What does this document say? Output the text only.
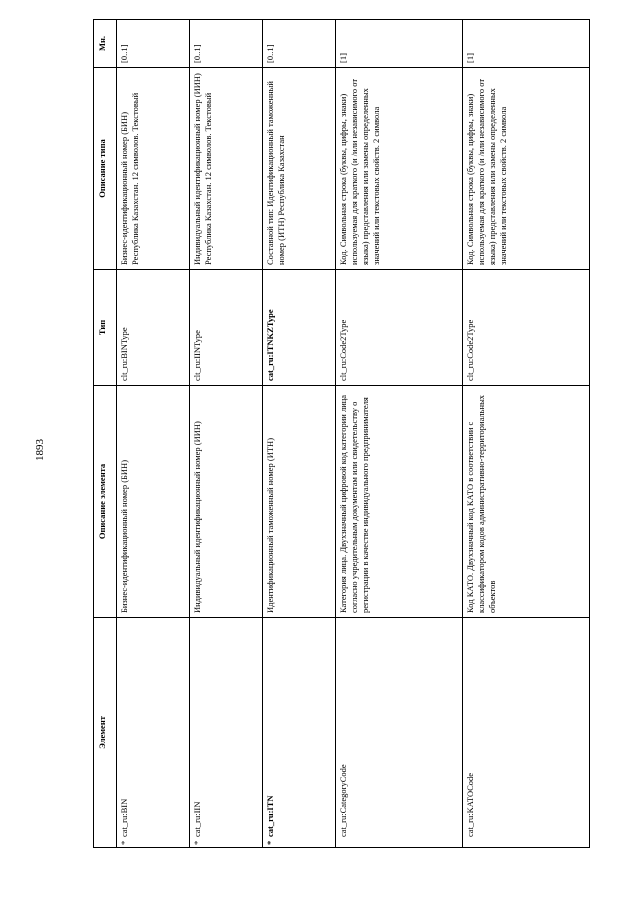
1893
Элемент	Описание элемента	Тип	Описание типа	Мн.

*
cat_ru:BIN	Бизнес-идентификационный номер (БИН)	clt_ru:BINType	Бизнес-идентификационный номер (БИН) Республика Казахстан. 12 символов. Текстовый	[0..1]

*
cat_ru:IIN	Индивидуальный идентификационный номер (ИИН)	clt_ru:IINType	Индивидуальный идентификационный номер (ИИН) Республика Казахстан. 12 символов. Текстовый	[0..1]

*
cat_ru:ITN	Идентификационный таможенный номер (ИТН)	cat_ru:ITNKZType	Составной тип: Идентификационный таможенный номер (ИТН) Республика Казахстан	[0..1]

cat_ru:CategoryCode	Категория лица. Двухзначный цифровой код категории лица согласно учредительным документам или свидетельству о регистрации в качестве индивидуального предпринимателя	clt_ru:Code2Type	Код. Символьная строка (буквы, цифры, знаки) используемая для краткого (и /или независимого от языка) представления или замены определенных значений или текстовых свойств. 2 символа	[1]

cat_ru:KATOCode	Код КАТО. Двухзначный код КАТО в соответствии с классификатором кодов административно-территориальных объектов	clt_ru:Code2Type	Код. Символьная строка (буквы, цифры, знаки) используемая для краткого (и /или независимого от языка) представления или замены определенных значений или текстовых свойств. 2 символа	[1]
